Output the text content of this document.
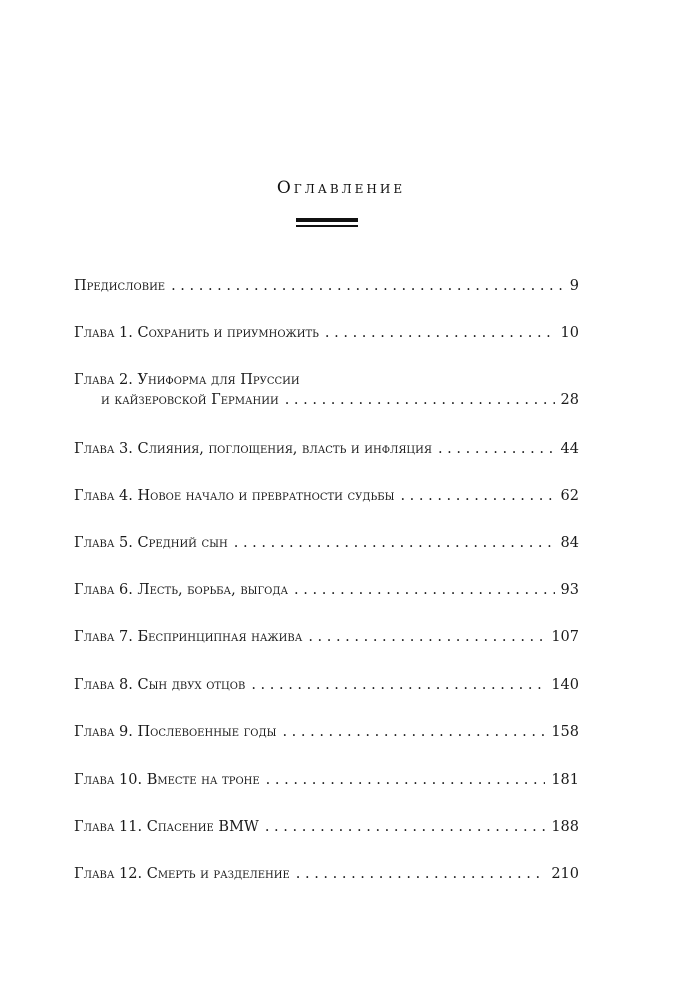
Оглавление
Предисловие . . .	9
Глава 1. Сохранить и приумножить . . .	10
Глава 2. Униформа для Пруссии
и кайзеровской Германии . . .	28
Глава 3. Слияния, поглощения, власть и инфляция . . .	44
Глава 4. Новое начало и превратности судьбы . . .	62
Глава 5. Средний сын . . .	84
Глава 6. Лесть, борьба, выгода . . .	93
Глава 7. Беспринципная нажива . . .	107
Глава 8. Сын двух отцов . . .	140
Глава 9. Послевоенные годы . . .	158
Глава 10. Вместе на троне . . .	181
Глава 11. Спасение BMW . . .	188
Глава 12. Смерть и разделение . . .	210
